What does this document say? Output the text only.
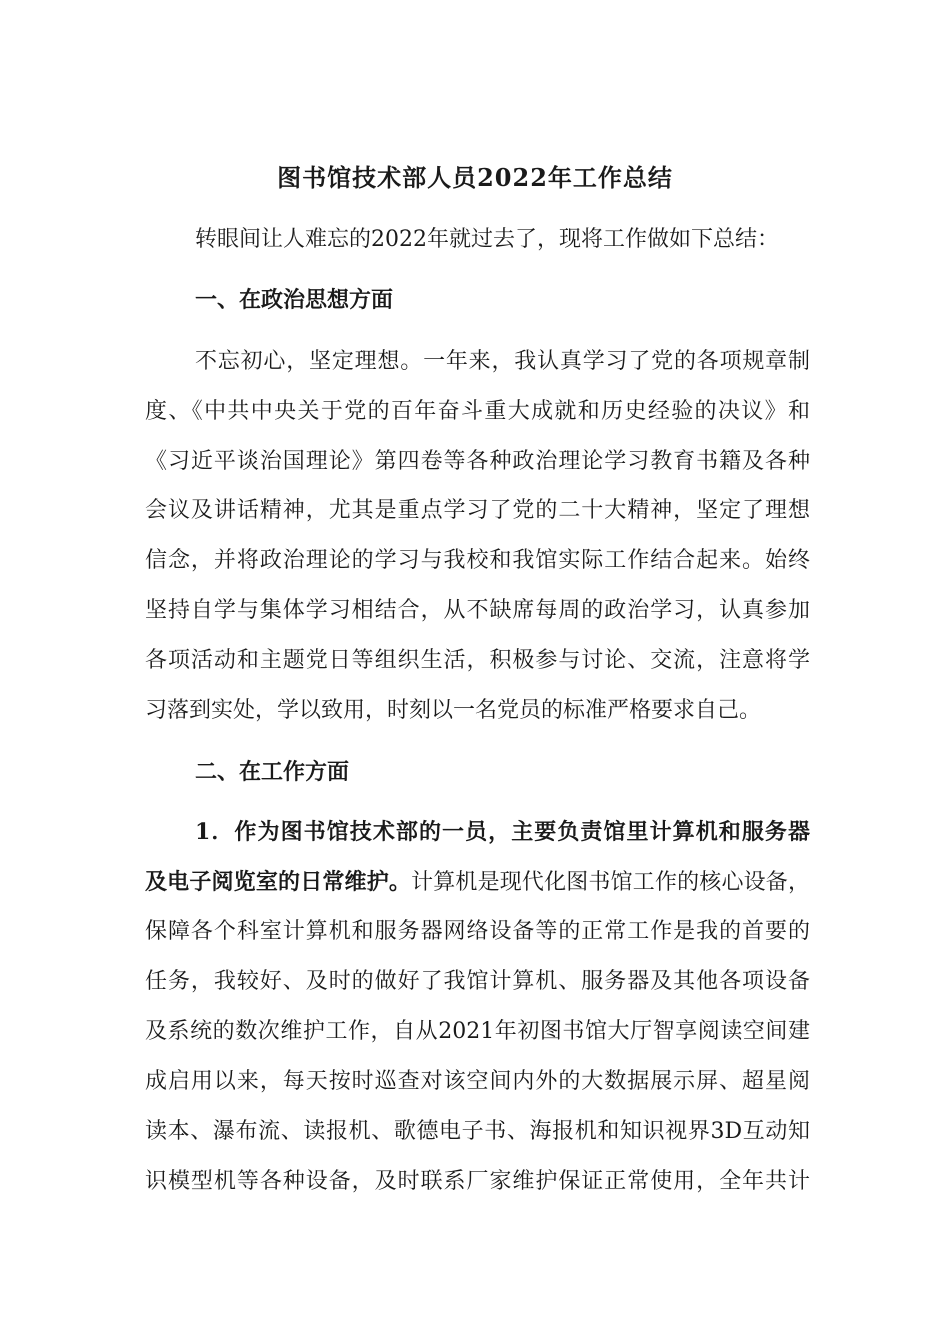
图书馆技术部人员2022年工作总结
转眼间让人难忘的2022年就过去了，现将工作做如下总结：
一、在政治思想方面
不忘初心，坚定理想。一年来，我认真学习了党的各项规章制
度、《中共中央关于党的百年奋斗重大成就和历史经验的决议》和
《习近平谈治国理论》第四卷等各种政治理论学习教育书籍及各种
会议及讲话精神，尤其是重点学习了党的二十大精神，坚定了理想
信念，并将政治理论的学习与我校和我馆实际工作结合起来。始终
坚持自学与集体学习相结合，从不缺席每周的政治学习，认真参加
各项活动和主题党日等组织生活，积极参与讨论、交流，注意将学
习落到实处，学以致用，时刻以一名党员的标准严格要求自己。
二、在工作方面
1．作为图书馆技术部的一员，主要负责馆里计算机和服务器
及电子阅览室的日常维护。计算机是现代化图书馆工作的核心设备，
保障各个科室计算机和服务器网络设备等的正常工作是我的首要的
任务，我较好、及时的做好了我馆计算机、服务器及其他各项设备
及系统的数次维护工作，自从2021年初图书馆大厅智享阅读空间建
成启用以来，每天按时巡查对该空间内外的大数据展示屏、超星阅
读本、瀑布流、读报机、歌德电子书、海报机和知识视界3D互动知
识模型机等各种设备，及时联系厂家维护保证正常使用，全年共计
